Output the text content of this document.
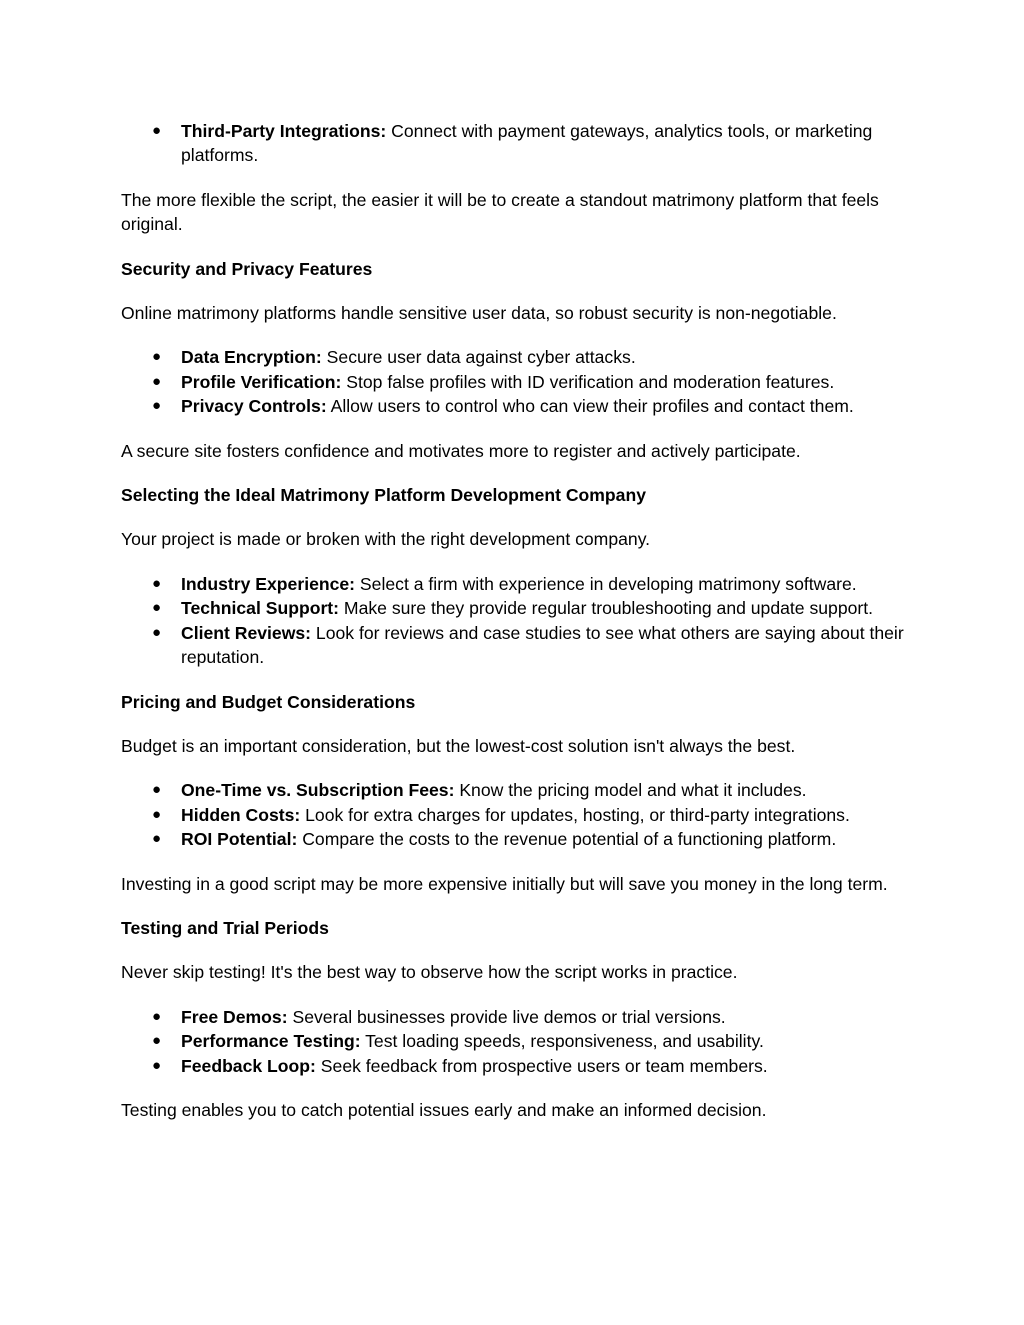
● Third-Party Integrations: Connect with payment gateways, analytics tools, or marketing platforms.

The more flexible the script, the easier it will be to create a standout matrimony platform that feels original.

Security and Privacy Features

Online matrimony platforms handle sensitive user data, so robust security is non-negotiable.

● Data Encryption: Secure user data against cyber attacks.
● Profile Verification: Stop false profiles with ID verification and moderation features.
● Privacy Controls: Allow users to control who can view their profiles and contact them.

A secure site fosters confidence and motivates more to register and actively participate.

Selecting the Ideal Matrimony Platform Development Company

Your project is made or broken with the right development company.

● Industry Experience: Select a firm with experience in developing matrimony software.
● Technical Support: Make sure they provide regular troubleshooting and update support.
● Client Reviews: Look for reviews and case studies to see what others are saying about their reputation.

Pricing and Budget Considerations

Budget is an important consideration, but the lowest-cost solution isn't always the best.

● One-Time vs. Subscription Fees: Know the pricing model and what it includes.
● Hidden Costs: Look for extra charges for updates, hosting, or third-party integrations.
● ROI Potential: Compare the costs to the revenue potential of a functioning platform.

Investing in a good script may be more expensive initially but will save you money in the long term.

Testing and Trial Periods

Never skip testing! It's the best way to observe how the script works in practice.

● Free Demos: Several businesses provide live demos or trial versions.
● Performance Testing: Test loading speeds, responsiveness, and usability.
● Feedback Loop: Seek feedback from prospective users or team members.

Testing enables you to catch potential issues early and make an informed decision.
